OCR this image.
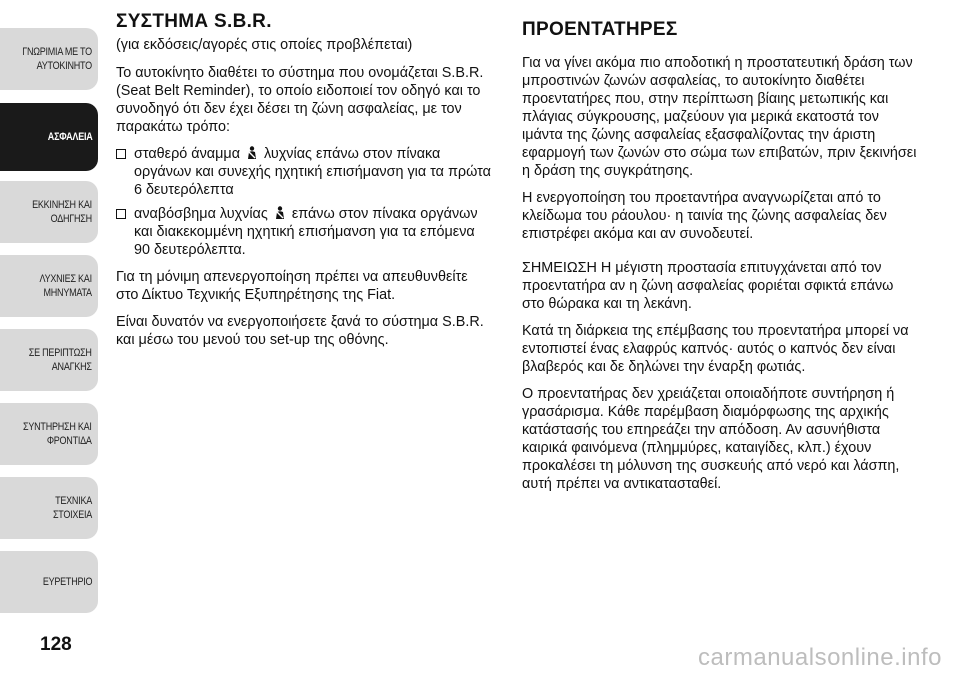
ΓΝΩΡΙΜΙΑ ΜΕ ΤΟ
ΑΥΤΟΚΙΝΗΤΟ
ΑΣΦΑΛΕΙΑ
ΕΚΚΙΝΗΣΗ ΚΑΙ
ΟΔΗΓΗΣΗ
ΛΥΧΝΙΕΣ ΚΑΙ
ΜΗΝΥΜΑΤΑ
ΣΕ ΠΕΡΙΠΤΩΣΗ
ΑΝΑΓΚΗΣ
ΣΥΝΤΗΡΗΣΗ ΚΑΙ
ΦΡΟΝΤΙΔΑ
ΤΕΧΝΙΚΑ ΣΤΟΙΧΕΙΑ
ΕΥΡΕΤΗΡΙΟ
128
ΣΥΣΤΗΜΑ S.B.R.
(για εκδόσεις/αγορές στις οποίες προβλέπεται)

Το αυτοκίνητο διαθέτει το σύστημα που ονομάζεται S.B.R. (Seat Belt Reminder), το οποίο ειδοποιεί τον οδηγό και το συνοδηγό ότι δεν έχει δέσει τη ζώνη ασφαλείας, με τον παρακάτω τρόπο:

σταθερό άναμμα λυχνίας επάνω στον πίνακα οργάνων και συνεχής ηχητική επισήμανση για τα πρώτα 6 δευτερόλεπτα
αναβόσβημα λυχνίας επάνω στον πίνακα οργάνων και διακεκομμένη ηχητική επισήμανση για τα επόμενα 90 δευτερόλεπτα.

Για τη μόνιμη απενεργοποίηση πρέπει να απευθυνθείτε στο Δίκτυο Τεχνικής Εξυπηρέτησης της Fiat.

Είναι δυνατόν να ενεργοποιήσετε ξανά το σύστημα S.B.R. και μέσω του μενού του set-up της οθόνης.

ΠΡΟΕΝΤΑΤΗΡΕΣ

Για να γίνει ακόμα πιο αποδοτική η προστατευτική δράση των μπροστινών ζωνών ασφαλείας, το αυτοκίνητο διαθέτει προεντατήρες που, στην περίπτωση βίαιης μετωπικής και πλάγιας σύγκρουσης, μαζεύουν για μερικά εκατοστά τον ιμάντα της ζώνης ασφαλείας εξασφαλίζοντας την άριστη εφαρμογή των ζωνών στο σώμα των επιβατών, πριν ξεκινήσει η δράση της συγκράτησης.

Η ενεργοποίηση του προεταντήρα αναγνωρίζεται από το κλείδωμα του ράουλου· η ταινία της ζώνης ασφαλείας δεν επιστρέφει ακόμα και αν συνοδευτεί.

ΣΗΜΕΙΩΣΗ Η μέγιστη προστασία επιτυγχάνεται από τον προεντατήρα αν η ζώνη ασφαλείας φοριέται σφικτά επάνω στο θώρακα και τη λεκάνη.

Κατά τη διάρκεια της επέμβασης του προεντατήρα μπορεί να εντοπιστεί ένας ελαφρύς καπνός· αυτός ο καπνός δεν είναι βλαβερός και δε δηλώνει την έναρξη φωτιάς.

Ο προεντατήρας δεν χρειάζεται οποιαδήποτε συντήρηση ή γρασάρισμα. Κάθε παρέμβαση διαμόρφωσης της αρχικής κατάστασής του επηρεάζει την απόδοση. Αν ασυνήθιστα καιρικά φαινόμενα (πλημμύρες, καταιγίδες, κλπ.) έχουν προκαλέσει τη μόλυνση της συσκευής από νερό και λάσπη, αυτή πρέπει να αντικατασταθεί.

carmanualsonline.info
